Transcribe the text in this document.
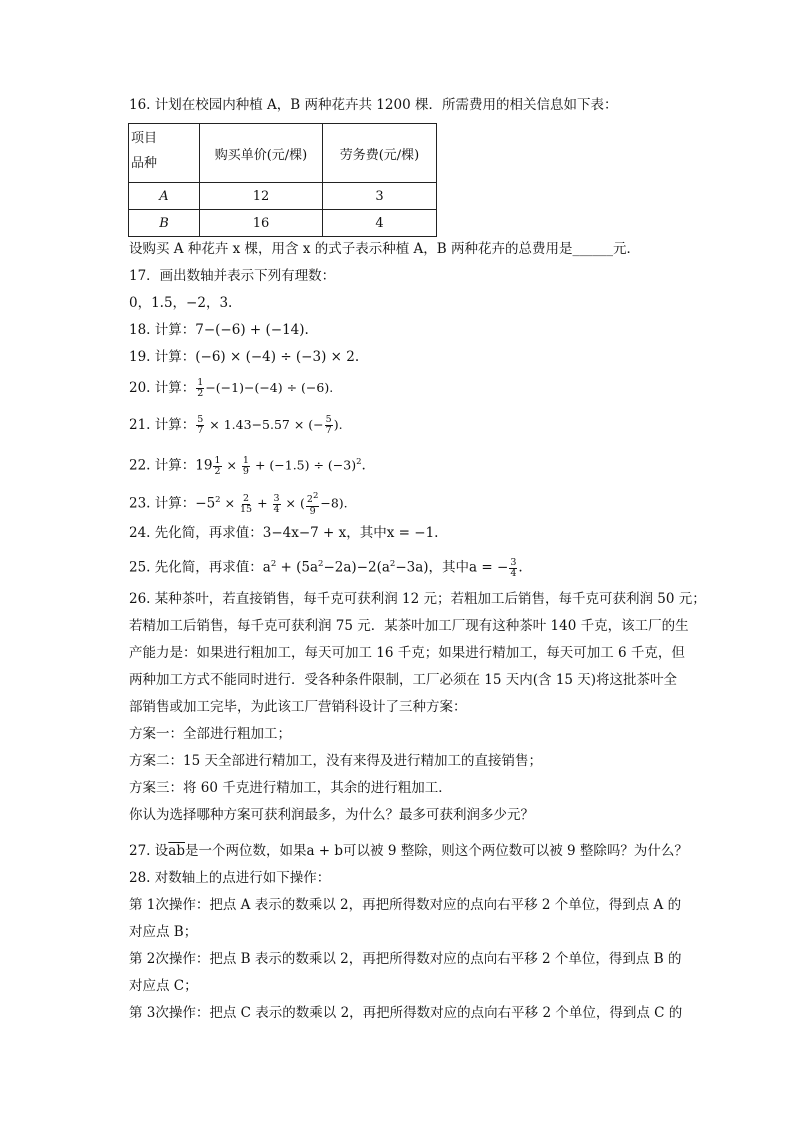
16. 计划在校园内种植 A，B 两种花卉共 1200 棵．所需费用的相关信息如下表：
项目
品种	购买单价(元/棵)	劳务费(元/棵)
A	12	3
B	16	4
设购买 A 种花卉 x 棵，用含 x 的式子表示种植 A，B 两种花卉的总费用是______元．
17．画出数轴并表示下列有理数：
0，1.5，−2，3.
18. 计算：7−(−6) + (−14).
19. 计算：(−6) × (−4) ÷ (−3) × 2.
20. 计算： $\frac{1}{2} -(-1)-(-4) \div (-6)$.
21. 计算： $\frac{5}{7} \times 1.43-5.57$ × (− $\frac{5}{7}$ ).
22. 计算：$19 \frac{1}{2} \times \frac{1}{9} + (-1.5) \div (-3)^2$.
23. 计算：$-5^2 \times \frac{2}{15} + \frac{3}{4}$ × ( $\frac{2^2}{9} -8$).
24. 先化简，再求值：3−4x−7 + x，其中x = −1.
25. 先化简，再求值：$a^2 + (5a^2-2a)-2(a^2-3a)$，其中a = − $\frac{3}{4}$ .
26. 某种茶叶，若直接销售，每千克可获利润 12 元；若粗加工后销售，每千克可获利润 50 元；
若精加工后销售，每千克可获利润 75 元．某茶叶加工厂现有这种茶叶 140 千克，该工厂的生
产能力是：如果进行粗加工，每天可加工 16 千克；如果进行精加工，每天可加工 6 千克，但
两种加工方式不能同时进行．受各种条件限制，工厂必须在 15 天内(含 15 天)将这批茶叶全
部销售或加工完毕，为此该工厂营销科设计了三种方案：
方案一：全部进行粗加工；
方案二：15 天全部进行精加工，没有来得及进行精加工的直接销售；
方案三：将 60 千克进行精加工，其余的进行粗加工．
你认为选择哪种方案可获利润最多，为什么？最多可获利润多少元？
27. 设$\overline{ab}$是一个两位数，如果a + b可以被 9 整除，则这个两位数可以被 9 整除吗？为什么？
28. 对数轴上的点进行如下操作：
第 1次操作：把点 A 表示的数乘以 2，再把所得数对应的点向右平移 2 个单位，得到点 A 的
对应点 B；
第 2次操作：把点 B 表示的数乘以 2，再把所得数对应的点向右平移 2 个单位，得到点 B 的
对应点 C；
第 3次操作：把点 C 表示的数乘以 2，再把所得数对应的点向右平移 2 个单位，得到点 C 的
